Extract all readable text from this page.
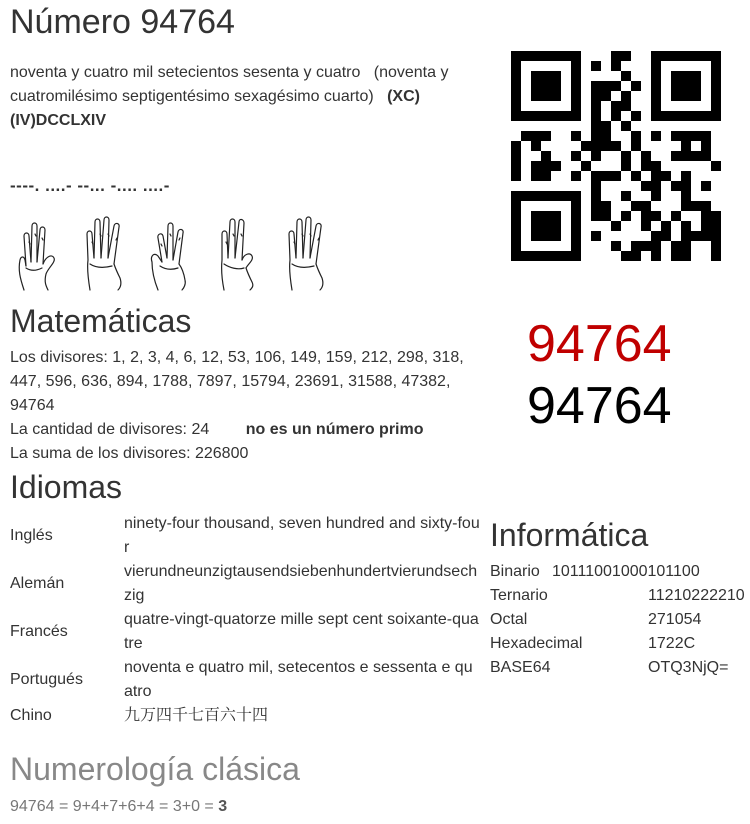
Número 94764
noventa y cuatro mil setecientos sesenta y cuatro (noventa y cuatromilésimo septigentésimo sexagésimo cuarto) (XC)(IV)DCCLXIV
----. ....- --... -.... ....-
Matemáticas
Los divisores: 1, 2, 3, 4, 6, 12, 53, 106, 149, 159, 212, 298, 318, 447, 596, 636, 894, 1788, 7897, 15794, 23691, 31588, 47382, 94764
La cantidad de divisores: 24 no es un número primo
La suma de los divisores: 226800
94764
94764
Idiomas
Inglés	ninety-four thousand, seven hundred and sixty-four
Alemán	vierundneunzigtausendsiebenhundertvierundsechzig
Francés	quatre-vingt-quatorze mille sept cent soixante-quatre
Portugués	noventa e quatro mil, setecentos e sessenta e quatro
Chino	九万四千七百六十四
Informática
Binario 10111001000101100
Ternario	11210222210
Octal	271054
Hexadecimal	1722C
BASE64	OTQ3NjQ=
Numerología clásica
94764 = 9+4+7+6+4 = 3+0 = 3
